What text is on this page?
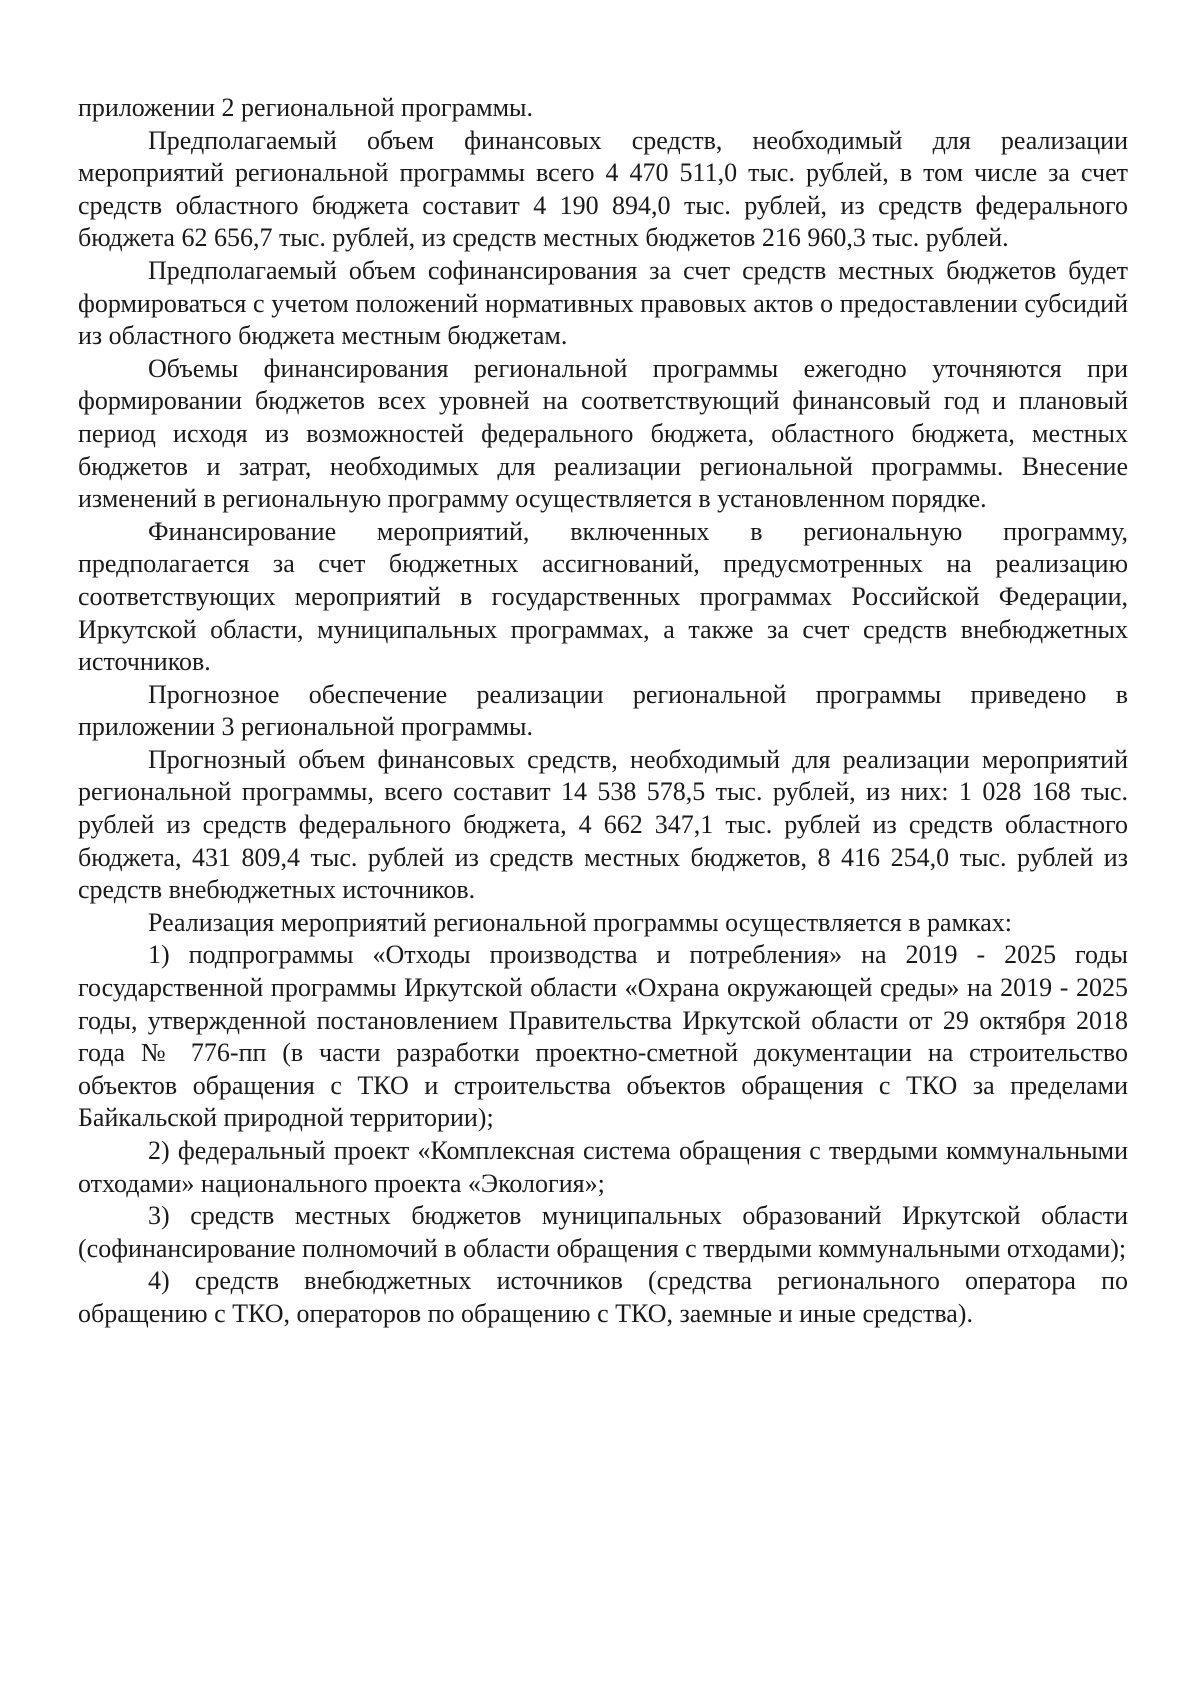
приложении 2 региональной программы.

Предполагаемый объем финансовых средств, необходимый для реализации мероприятий региональной программы всего 4 470 511,0 тыс. рублей, в том числе за счет средств областного бюджета составит 4 190 894,0 тыс. рублей, из средств федерального бюджета 62 656,7 тыс. рублей, из средств местных бюджетов 216 960,3 тыс. рублей.

Предполагаемый объем софинансирования за счет средств местных бюджетов будет формироваться с учетом положений нормативных правовых актов о предоставлении субсидий из областного бюджета местным бюджетам.

Объемы финансирования региональной программы ежегодно уточняются при формировании бюджетов всех уровней на соответствующий финансовый год и плановый период исходя из возможностей федерального бюджета, областного бюджета, местных бюджетов и затрат, необходимых для реализации региональной программы. Внесение изменений в региональную программу осуществляется в установленном порядке.

Финансирование мероприятий, включенных в региональную программу, предполагается за счет бюджетных ассигнований, предусмотренных на реализацию соответствующих мероприятий в государственных программах Российской Федерации, Иркутской области, муниципальных программах, а также за счет средств внебюджетных источников.

Прогнозное обеспечение реализации региональной программы приведено в приложении 3 региональной программы.

Прогнозный объем финансовых средств, необходимый для реализации мероприятий региональной программы, всего составит 14 538 578,5 тыс. рублей, из них: 1 028 168 тыс. рублей из средств федерального бюджета, 4 662 347,1 тыс. рублей из средств областного бюджета, 431 809,4 тыс. рублей из средств местных бюджетов, 8 416 254,0 тыс. рублей из средств внебюджетных источников.

Реализация мероприятий региональной программы осуществляется в рамках:

1) подпрограммы «Отходы производства и потребления» на 2019 - 2025 годы государственной программы Иркутской области «Охрана окружающей среды» на 2019 - 2025 годы, утвержденной постановлением Правительства Иркутской области от 29 октября 2018 года № 776-пп (в части разработки проектно-сметной документации на строительство объектов обращения с ТКО и строительства объектов обращения с ТКО за пределами Байкальской природной территории);

2) федеральный проект «Комплексная система обращения с твердыми коммунальными отходами» национального проекта «Экология»;

3) средств местных бюджетов муниципальных образований Иркутской области (софинансирование полномочий в области обращения с твердыми коммунальными отходами);

4) средств внебюджетных источников (средства регионального оператора по обращению с ТКО, операторов по обращению с ТКО, заемные и иные средства).
